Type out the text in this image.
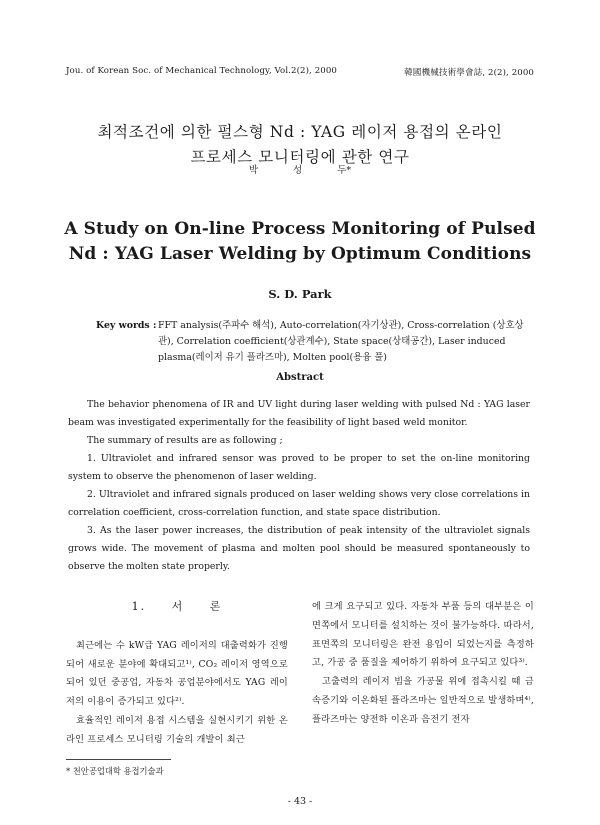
Jou. of Korean Soc. of Mechanical Technology, Vol.2(2), 2000	韓國機械技術學會誌, 2(2), 2000
최적조건에 의한 펄스형 Nd : YAG 레이저 용접의 온라인
프로세스 모니터링에 관한 연구
박 성 두*
A Study on On-line Process Monitoring of Pulsed
Nd : YAG Laser Welding by Optimum Conditions
S. D. Park
Key words : FFT analysis(주파수 해석), Auto-correlation(자기상관), Cross-correlation (상호상관), Correlation coefficient(상관계수), State space(상태공간), Laser induced plasma(레이저 유기 플라즈마), Molten pool(용융 풀)
Abstract

The behavior phenomena of IR and UV light during laser welding with pulsed Nd : YAG laser beam was investigated experimentally for the feasibility of light based weld monitor.

The summary of results are as following ;

1. Ultraviolet and infrared sensor was proved to be proper to set the on-line monitoring system to observe the phenomenon of laser welding.

2. Ultraviolet and infrared signals produced on laser welding shows very close correlations in correlation coefficient, cross-correlation function, and state space distribution.

3. As the laser power increases, the distribution of peak intensity of the ultraviolet signals grows wide. The movement of plasma and molten pool should be measured spontaneously to observe the molten state properly.

1. 서 론

최근에는 수 kW급 YAG 레이저의 대출력화가 진행되어 새로운 분야에 확대되고¹⁾, CO₂ 레이저 영역으로 되어 있던 중공업, 자동차 공업분야에서도 YAG 레이저의 이용이 증가되고 있다²⁾.

효율적인 레이저 용접 시스템을 실현시키기 위한 온라인 프로세스 모니터링 기술의 개발이 최근

에 크게 요구되고 있다. 자동차 부품 등의 대부분은 이면쪽에서 모니터를 설치하는 것이 불가능하다. 따라서, 표면쪽의 모니터링은 완전 용입이 되었는지를 측정하고, 가공 중 품질을 제어하기 위하여 요구되고 있다³⁾.

고출력의 레이저 빔을 가공물 위에 접촉시킬 때 금속증기와 이온화된 플라즈마는 일반적으로 발생하며⁴⁾, 플라즈마는 양전하 이온과 음전기 전자

* 천안공업대학 용접기술과
- 43 -
